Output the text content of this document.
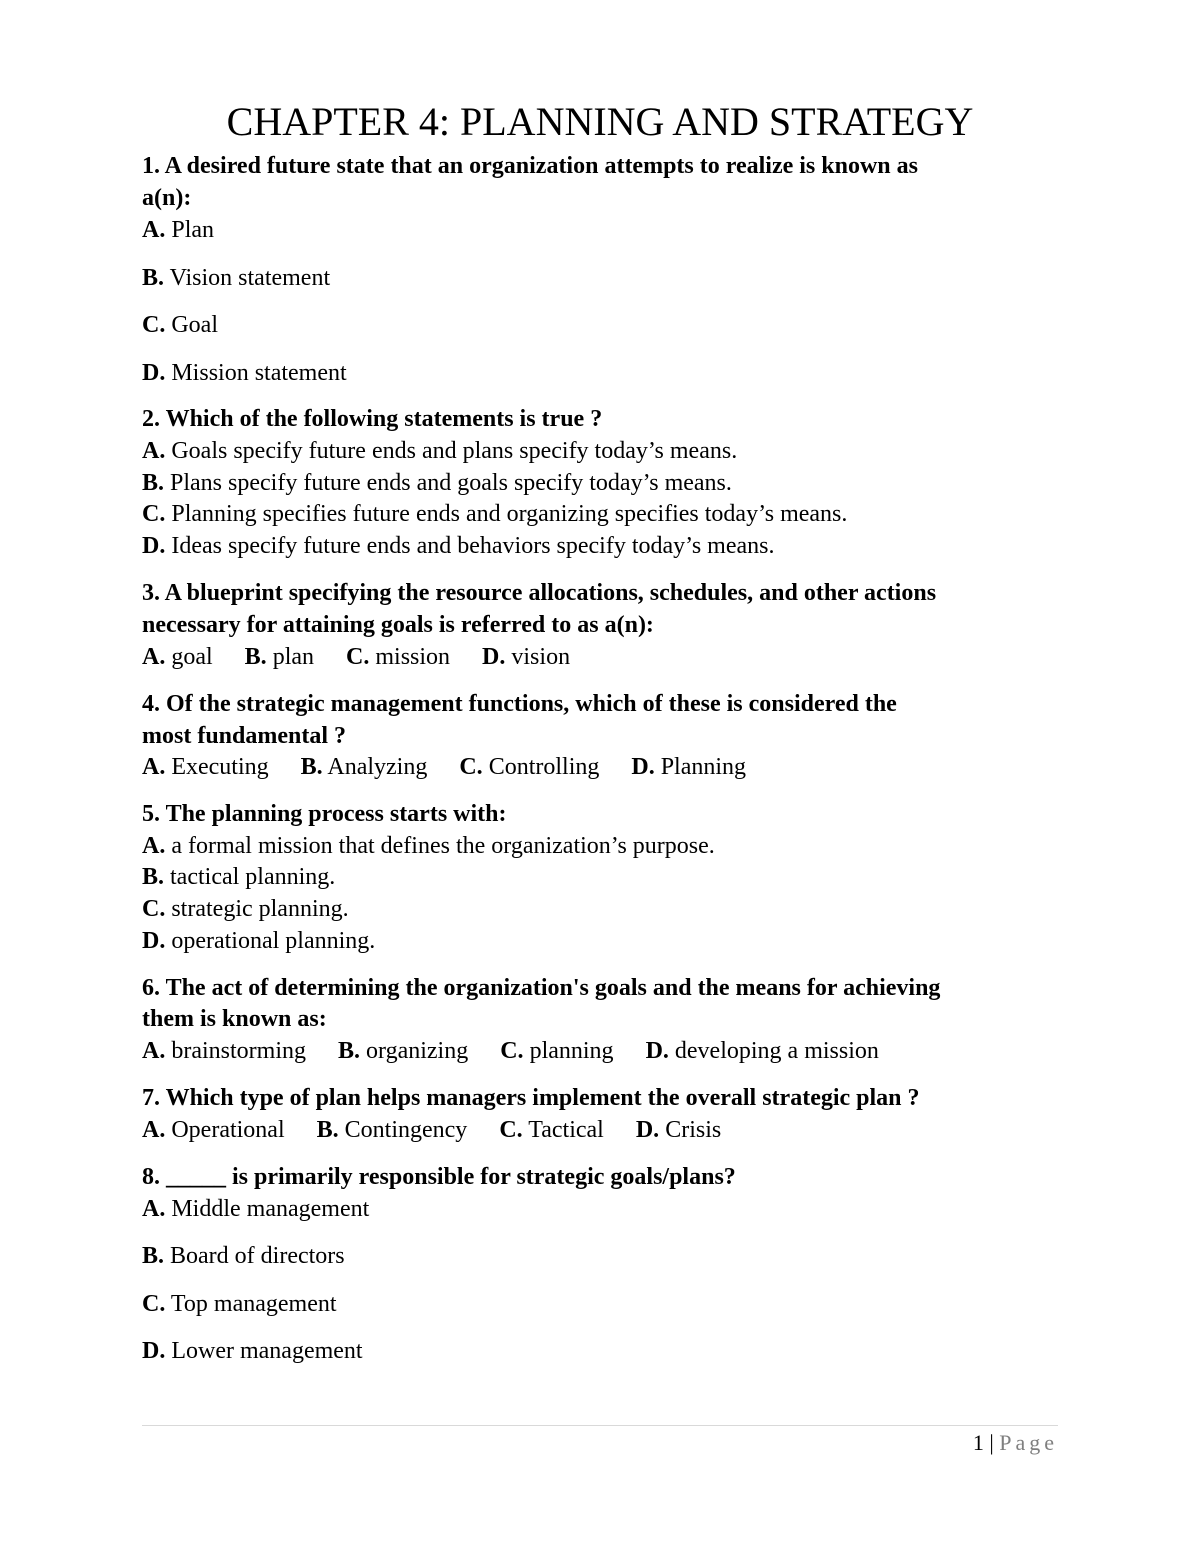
CHAPTER 4: PLANNING AND STRATEGY
1. A desired future state that an organization attempts to realize is known as
a(n):
A. Plan
B. Vision statement
C. Goal
D. Mission statement
2. Which of the following statements is true ?
A. Goals specify future ends and plans specify today’s means.
B. Plans specify future ends and goals specify today’s means.
C. Planning specifies future ends and organizing specifies today’s means.
D. Ideas specify future ends and behaviors specify today’s means.
3. A blueprint specifying the resource allocations, schedules, and other actions
necessary for attaining goals is referred to as a(n):
A. goal B. plan C. mission D. vision
4. Of the strategic management functions, which of these is considered the
most fundamental ?
A. Executing B. Analyzing C. Controlling D. Planning
5. The planning process starts with:
A. a formal mission that defines the organization’s purpose.
B. tactical planning.
C. strategic planning.
D. operational planning.
6. The act of determining the organization's goals and the means for achieving
them is known as:
A. brainstorming B. organizing C. planning D. developing a mission
7. Which type of plan helps managers implement the overall strategic plan ?
A. Operational B. Contingency C. Tactical D. Crisis
8. _____ is primarily responsible for strategic goals/plans?
A. Middle management
B. Board of directors
C. Top management
D. Lower management
1 | Page
